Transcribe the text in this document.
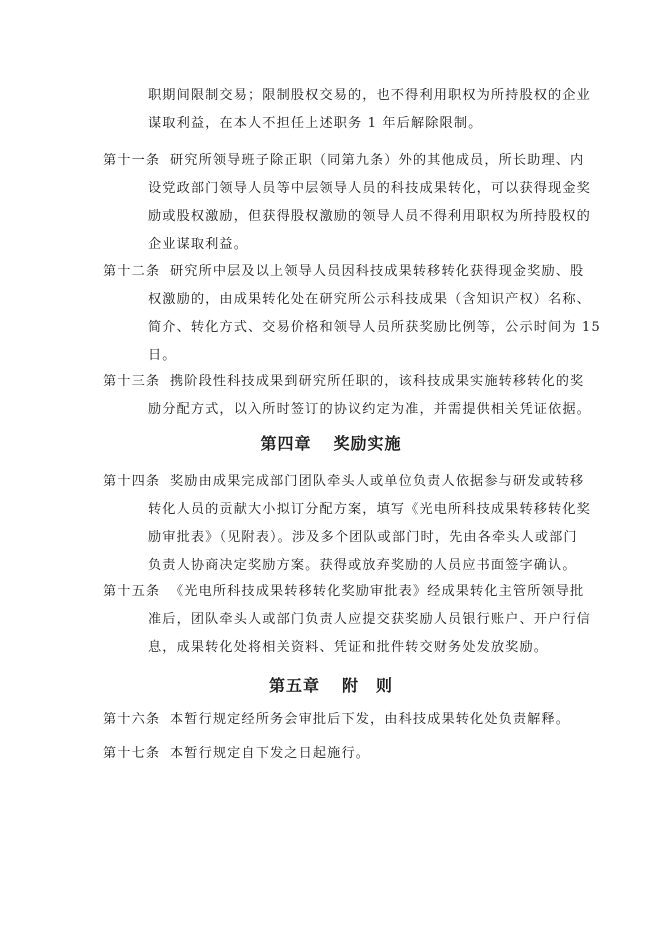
职期间限制交易；限制股权交易的，也不得利用职权为所持股权的企业
谋取利益，在本人不担任上述职务 1 年后解除限制。
第十一条 研究所领导班子除正职（同第九条）外的其他成员，所长助理、内
设党政部门领导人员等中层领导人员的科技成果转化，可以获得现金奖
励或股权激励，但获得股权激励的领导人员不得利用职权为所持股权的
企业谋取利益。
第十二条 研究所中层及以上领导人员因科技成果转移转化获得现金奖励、股
权激励的，由成果转化处在研究所公示科技成果（含知识产权）名称、
简介、转化方式、交易价格和领导人员所获奖励比例等，公示时间为 15
日。
第十三条 携阶段性科技成果到研究所任职的，该科技成果实施转移转化的奖
励分配方式，以入所时签订的协议约定为准，并需提供相关凭证依据。
第四章 奖励实施
第十四条 奖励由成果完成部门团队牵头人或单位负责人依据参与研发或转移
转化人员的贡献大小拟订分配方案，填写《光电所科技成果转移转化奖
励审批表》（见附表）。涉及多个团队或部门时，先由各牵头人或部门
负责人协商决定奖励方案。获得或放弃奖励的人员应书面签字确认。
第十五条 《光电所科技成果转移转化奖励审批表》经成果转化主管所领导批
准后，团队牵头人或部门负责人应提交获奖励人员银行账户、开户行信
息，成果转化处将相关资料、凭证和批件转交财务处发放奖励。
第五章 附　则
第十六条 本暂行规定经所务会审批后下发，由科技成果转化处负责解释。
第十七条 本暂行规定自下发之日起施行。
